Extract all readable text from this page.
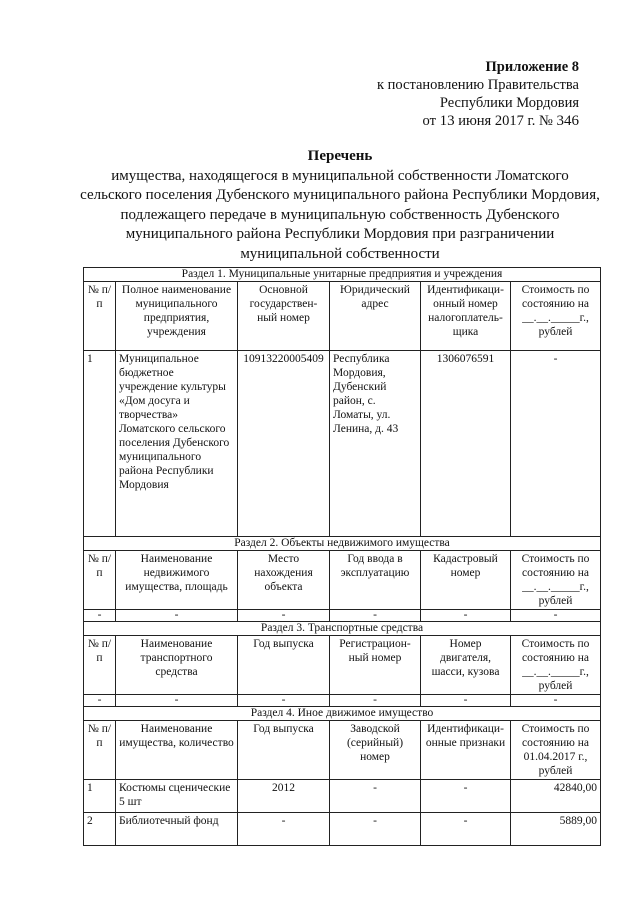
Приложение 8
к постановлению Правительства
Республики Мордовия
от 13 июня 2017 г. № 346
Перечень
имущества, находящегося в муниципальной собственности Ломатского сельского поселения Дубенского муниципального района Республики Мордовия, подлежащего передаче в муниципальную собственность Дубенского муниципального района Республики Мордовия при разграничении муниципальной собственности
Раздел 1. Муниципальные унитарные предприятия и учреждения					
№ п/п	Полное наименование муниципального предприятия, учреждения	Основной государствен-ный номер	Юридический адрес	Идентификаци-онный номер налогоплатель-щика	Стоимость по состоянию на __.__._____г., рублей
1	Муниципальное бюджетное учреждение культуры «Дом досуга и творчества» Ломатского сельского поселения Дубенского муниципального района Республики Мордовия	10913220005409	Республика Мордовия, Дубенский район, с. Ломаты, ул. Ленина, д. 43	1306076591	-
Раздел 2. Объекты недвижимого имущества					
№ п/п	Наименование недвижимого имущества, площадь	Место нахождения объекта	Год ввода в эксплуатацию	Кадастровый номер	Стоимость по состоянию на __.__._____г., рублей
-	-	-	-	-	-
Раздел 3. Транспортные средства					
№ п/п	Наименование транспортного средства	Год выпуска	Регистрацион-ный номер	Номер двигателя, шасси, кузова	Стоимость по состоянию на __.__._____г., рублей
-	-	-	-	-	-
Раздел 4. Иное движимое имущество					
№ п/п	Наименование имущества, количество	Год выпуска	Заводской (серийный) номер	Идентификаци-онные признаки	Стоимость по состоянию на 01.04.2017 г., рублей
1	Костюмы сценические 5 шт	2012	-	-	42840,00
2	Библиотечный фонд	-	-	-	5889,00
